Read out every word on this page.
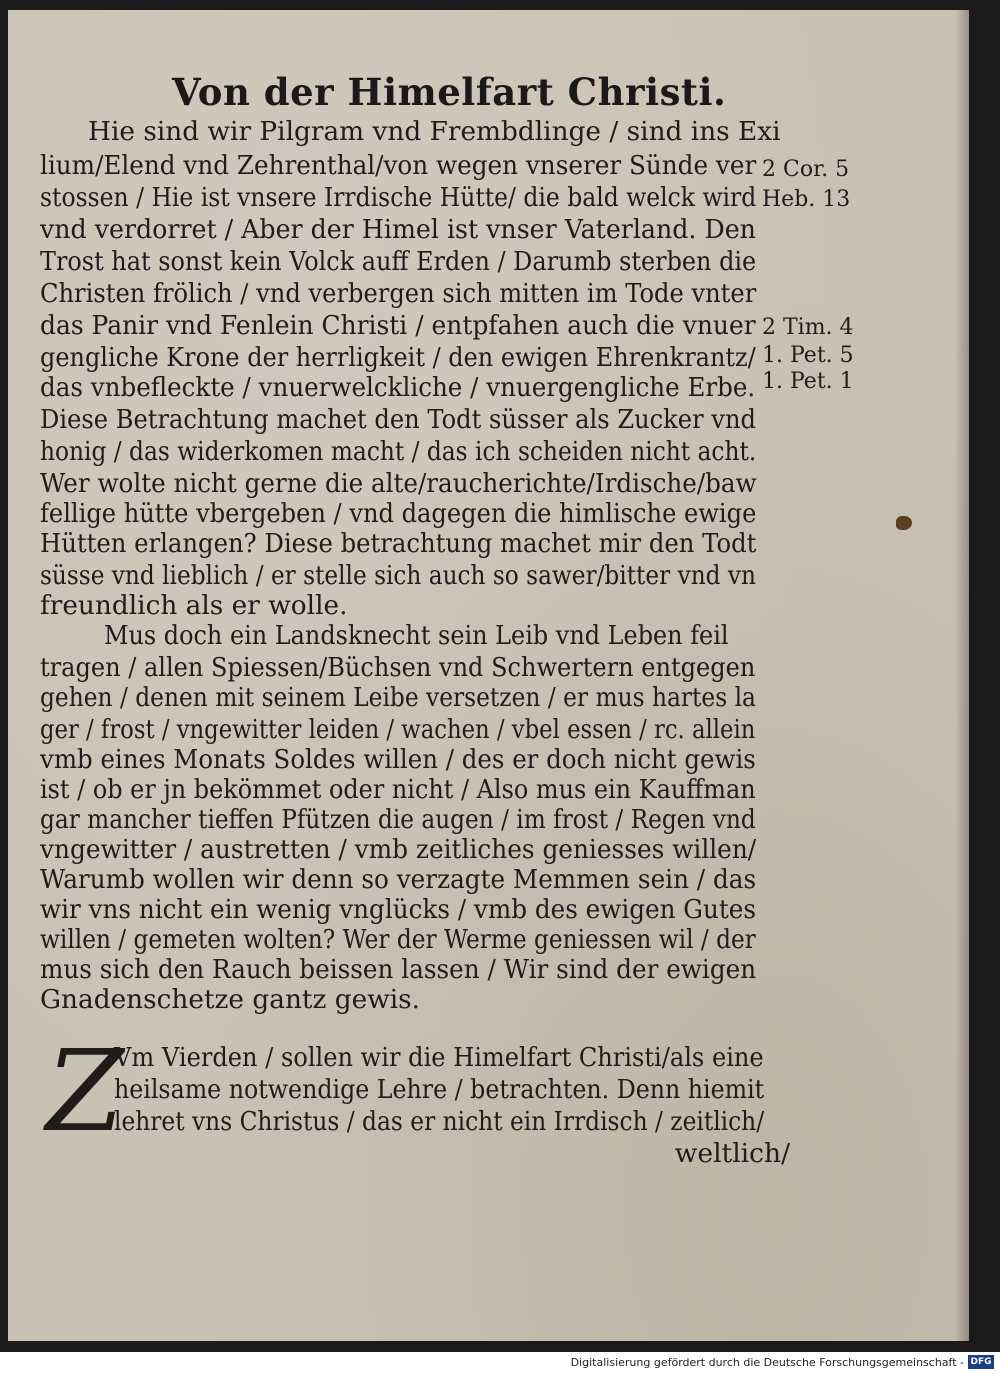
Von der Himelfart Christi.
Hie sind wir Pilgram vnd Frembdlinge / sind ins Exi
lium/Elend vnd Zehrenthal/von wegen vnserer Sünde ver
stossen / Hie ist vnsere Irrdische Hütte/ die bald welck wird
vnd verdorret / Aber der Himel ist vnser Vaterland. Den
Trost hat sonst kein Volck auff Erden / Darumb sterben die
Christen frölich / vnd verbergen sich mitten im Tode vnter
das Panir vnd Fenlein Christi / entpfahen auch die vnuer
gengliche Krone der herrligkeit / den ewigen Ehrenkrantz/
das vnbefleckte / vnuerwelckliche / vnuergengliche Erbe.
Diese Betrachtung machet den Todt süsser als Zucker vnd
honig / das widerkomen macht / das ich scheiden nicht acht.
Wer wolte nicht gerne die alte/raucherichte/Irdische/baw
fellige hütte vbergeben / vnd dagegen die himlische ewige
Hütten erlangen? Diese betrachtung machet mir den Todt
süsse vnd lieblich / er stelle sich auch so sawer/bitter vnd vn
freundlich als er wolle.
Mus doch ein Landsknecht sein Leib vnd Leben feil
tragen / allen Spiessen/Büchsen vnd Schwertern entgegen
gehen / denen mit seinem Leibe versetzen / er mus hartes la
ger / frost / vngewitter leiden / wachen / vbel essen / rc. allein
vmb eines Monats Soldes willen / des er doch nicht gewis
ist / ob er jn bekömmet oder nicht / Also mus ein Kauffman
gar mancher tieffen Pfützen die augen / im frost / Regen vnd
vngewitter / austretten / vmb zeitliches geniesses willen/
Warumb wollen wir denn so verzagte Memmen sein / das
wir vns nicht ein wenig vnglücks / vmb des ewigen Gutes
willen / gemeten wolten? Wer der Werme geniessen wil / der
mus sich den Rauch beissen lassen / Wir sind der ewigen
Gnadenschetze gantz gewis.
Z
Vm Vierden / sollen wir die Himelfart Christi/als eine
heilsame notwendige Lehre / betrachten. Denn hiemit
lehret vns Christus / das er nicht ein Irrdisch / zeitlich/
weltlich/
2 Cor. 5
Heb. 13
2 Tim. 4
1. Pet. 5
1. Pet. 1
Digitalisierung gefördert durch die Deutsche Forschungsgemeinschaft - DFG
